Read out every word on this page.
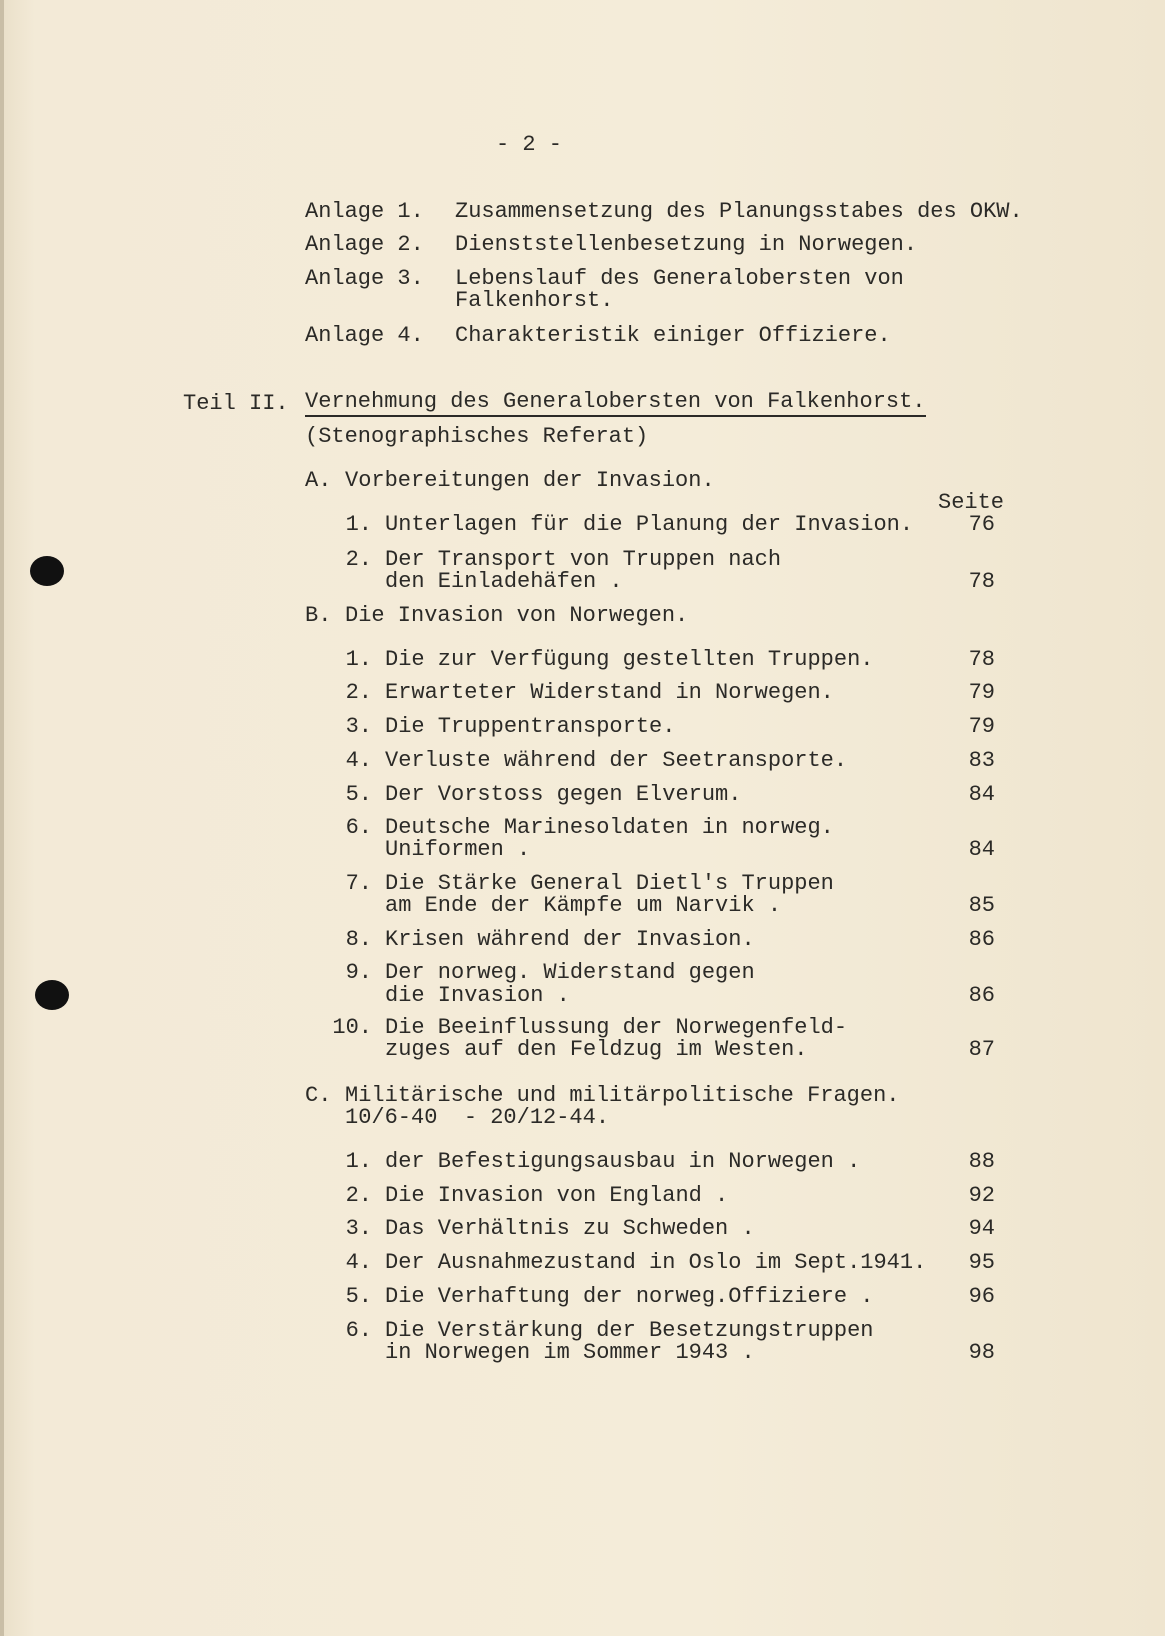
- 2 -
Anlage 1. Zusammensetzung des Planungsstabes des OKW.
Anlage 2. Dienststellenbesetzung in Norwegen.
Anlage 3. Lebenslauf des Generalobersten von
Falkenhorst.
Anlage 4. Charakteristik einiger Offiziere.
Teil II. Vernehmung des Generalobersten von Falkenhorst.
(Stenographisches Referat)
Seite
A. Vorbereitungen der Invasion.
1. Unterlagen für die Planung der Invasion.	76
2. Der Transport von Truppen nach
den Einladehäfen .	78
B. Die Invasion von Norwegen.
1. Die zur Verfügung gestellten Truppen.	78
2. Erwarteter Widerstand in Norwegen.	79
3. Die Truppentransporte.	79
4. Verluste während der Seetransporte.	83
5. Der Vorstoss gegen Elverum.	84
6. Deutsche Marinesoldaten in norweg.
Uniformen .	84
7. Die Stärke General Dietl's Truppen
am Ende der Kämpfe um Narvik .	85
8. Krisen während der Invasion.	86
9. Der norweg. Widerstand gegen
die Invasion .	86
10. Die Beeinflussung der Norwegenfeld-
zuges auf den Feldzug im Westen.	87
C. Militärische und militärpolitische Fragen.
10/6-40  - 20/12-44.
1. der Befestigungsausbau in Norwegen .	88
2. Die Invasion von England .	92
3. Das Verhältnis zu Schweden .	94
4. Der Ausnahmezustand in Oslo im Sept.1941.	95
5. Die Verhaftung der norweg.Offiziere .	96
6. Die Verstärkung der Besetzungstruppen
in Norwegen im Sommer 1943 .	98
